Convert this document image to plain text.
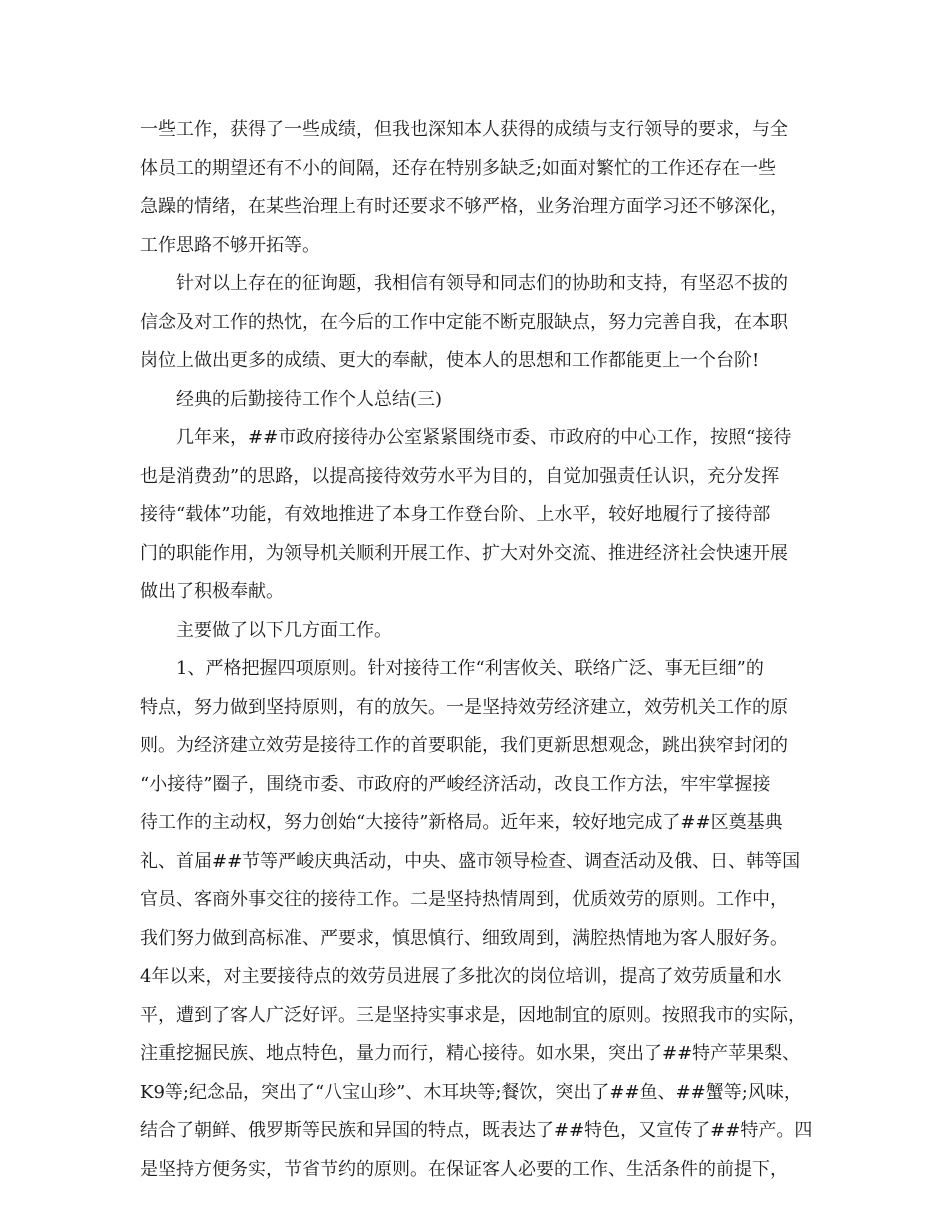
一些工作，获得了一些成绩，但我也深知本人获得的成绩与支行领导的要求，与全
体员工的期望还有不小的间隔，还存在特别多缺乏;如面对繁忙的工作还存在一些
急躁的情绪，在某些治理上有时还要求不够严格，业务治理方面学习还不够深化，
工作思路不够开拓等。
针对以上存在的征询题，我相信有领导和同志们的协助和支持，有坚忍不拔的
信念及对工作的热忱，在今后的工作中定能不断克服缺点，努力完善自我，在本职
岗位上做出更多的成绩、更大的奉献，使本人的思想和工作都能更上一个台阶!
经典的后勤接待工作个人总结(三)
几年来，##市政府接待办公室紧紧围绕市委、市政府的中心工作，按照“接待
也是消费劲”的思路，以提高接待效劳水平为目的，自觉加强责任认识，充分发挥
接待“载体”功能，有效地推进了本身工作登台阶、上水平，较好地履行了接待部
门的职能作用，为领导机关顺利开展工作、扩大对外交流、推进经济社会快速开展
做出了积极奉献。
主要做了以下几方面工作。
1、严格把握四项原则。针对接待工作“利害攸关、联络广泛、事无巨细”的
特点，努力做到坚持原则，有的放矢。一是坚持效劳经济建立，效劳机关工作的原
则。为经济建立效劳是接待工作的首要职能，我们更新思想观念，跳出狭窄封闭的
“小接待”圈子，围绕市委、市政府的严峻经济活动，改良工作方法，牢牢掌握接
待工作的主动权，努力创始“大接待”新格局。近年来，较好地完成了##区奠基典
礼、首届##节等严峻庆典活动，中央、盛市领导检查、调查活动及俄、日、韩等国
官员、客商外事交往的接待工作。二是坚持热情周到，优质效劳的原则。工作中，
我们努力做到高标准、严要求，慎思慎行、细致周到，满腔热情地为客人服好务。
4年以来，对主要接待点的效劳员进展了多批次的岗位培训，提高了效劳质量和水
平，遭到了客人广泛好评。三是坚持实事求是，因地制宜的原则。按照我市的实际，
注重挖掘民族、地点特色，量力而行，精心接待。如水果，突出了##特产苹果梨、
K9等;纪念品，突出了“八宝山珍”、木耳块等;餐饮，突出了##鱼、##蟹等;风味，
结合了朝鲜、俄罗斯等民族和异国的特点，既表达了##特色，又宣传了##特产。四
是坚持方便务实，节省节约的原则。在保证客人必要的工作、生活条件的前提下，
